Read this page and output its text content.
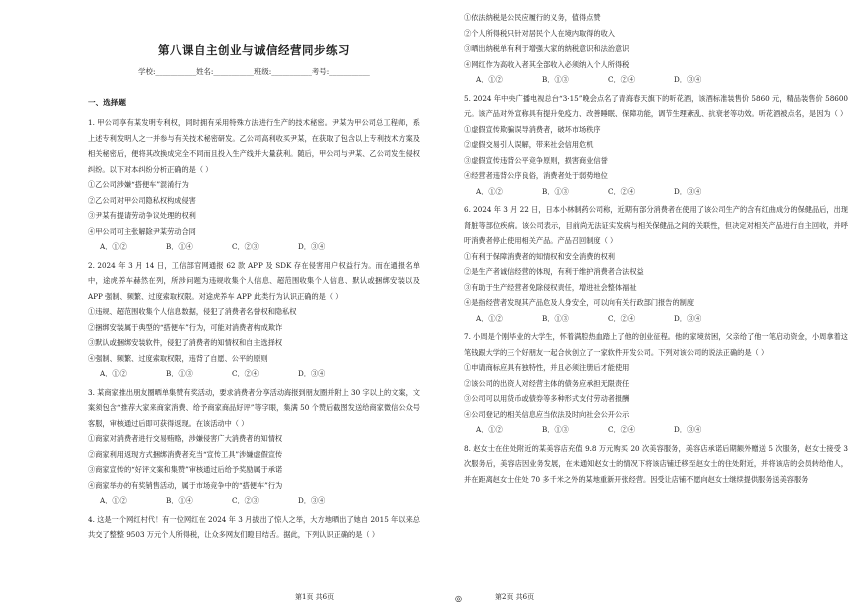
第八课自主创业与诚信经营同步练习
学校:___________姓名:___________班级:___________考号:___________
一、选择题

1. 甲公司享有某发明专利权，同时拥有采用特殊方法进行生产的技术秘密。尹某为甲公司总工程师，系上述专利发明人之一并参与有关技术秘密研发。乙公司高利收买尹某，在获取了包含以上专利技术方案及相关秘密后，便将其改换成完全不同而且投入生产线并大量获利。随后，甲公司与尹某、乙公司发生侵权纠纷。以下对本纠纷分析正确的是（ ）

①乙公司涉嫌“搭便车”混淆行为

②乙公司对甲公司隐私权构成侵害

③尹某有提请劳动争议处理的权利

④甲公司可主张解除尹某劳动合同

A．①②	B．①④	C．②③	D．③④

2. 2024 年 3 月 14 日，工信部官网通报 62 款 APP 及 SDK 存在侵害用户权益行为。而在通报名单中，途虎养车赫然在列，所涉问题为违规收集个人信息、超范围收集个人信息、默认或捆绑安装以及 APP 强制、频繁、过度索取权限。对途虎养车 APP 此类行为认识正确的是（ ）

①违规、超范围收集个人信息数据，侵犯了消费者名誉权和隐私权

②捆绑安装属于典型的“搭便车”行为，可能对消费者构成欺诈

③默认或捆绑安装软件，侵犯了消费者的知情权和自主选择权

④强制、频繁、过度索取权限，违背了自愿、公平的原则

A．①②	B．①③	C．②④	D．③④

3. 某商家推出朋友圈晒单集赞有奖活动，要求消费者分享活动海报到朋友圈并附上 30 字以上的文案，文案须包含“推荐大家来商家消费、给予商家商品好评”等字眼，集满 50 个赞后截图发送给商家微信公众号客服，审核通过后即可获得返现。在该活动中（ ）

①商家对消费者进行交易贿赂，涉嫌侵害广大消费者的知情权

②商家利用返现方式捆绑消费者充当“宣传工具”涉嫌虚假宣传

③商家宣传的“好评文案和集赞”审核通过后给予奖励属于承诺

④商家举办的有奖销售活动，属于市场竞争中的“搭便车”行为

A．①②	B．①④	C．②③	D．③④

4. 这是一个网红村代！有一位网红在 2024 年 3 月拔出了惊人之举，大方地晒出了她自 2015 年以来总共交了整整 9503 万元个人所得税，让众多网友们瞪目结舌。据此，下列认识正确的是（ ）

①依法纳税是公民应履行的义务，值得点赞

②个人所得税只针对居民个人在境内取得的收入

③晒出纳税单有利于增强大家的纳税意识和法治意识

④网红作为高收入者其全部收入必须纳入个人所得税

A．①②	B．①③	C．②④	D．③④

5. 2024 年中央广播电视总台“3·15”晚会点名了青海春天旗下的听花酒，该酒标准装售价 5860 元，精品装售价 58600 元。该产品对外宣称具有提升免疫力、改善睡眠、保障功能，调节生理紊乱、抗衰老等功效。听花酒被点名，是因为（ ）

①虚假宣传欺骗误导消费者，破坏市场秩序

②虚假交易引人误解，带来社会信用危机

③虚假宣传违背公平竞争原则，损害商业信誉

④经营者违背公序良俗，消费者处于弱势地位

A．①②	B．①③	C．②④	D．③④

6. 2024 年 3 月 22 日，日本小林制药公司称，近期有部分消费者在使用了该公司生产的含有红曲成分的保健品后，出现肾脏等部位疾病。该公司表示，目前尚无法证实发病与相关保健品之间的关联性，但决定对相关产品进行自主回收，并呼吁消费者停止使用相关产品。产品召回制度（ ）

①有利于保障消费者的知情权和安全消费的权利

②是生产者诚信经营的体现，有利于维护消费者合法权益

③有助于生产经营者免除侵权责任，增进社会整体福祉

④是指经营者发现其产品危及人身安全，可以向有关行政部门报告的制度

A．①②	B．①③	C．②④	D．③④

7. 小周是个刚毕业的大学生，怀着满腔热血踏上了他的创业征程。他的家境贫困，父亲给了他一笔启动资金，小周拿着这笔钱跟大学的三个好朋友一起合伙创立了一家软件开发公司。下列对该公司的说法正确的是（ ）

①申请商标应具有独特性，并且必须注册后才能使用

②该公司的出资人对经营主体的债务应承担无限责任

③公司可以用货币或债券等多种形式支付劳动者报酬

④公司登记的相关信息应当依法及时向社会公开公示

A．①②	B．①③	C．②④	D．③④

8. 赵女士在住处附近的某美容店充值 9.8 万元购买 20 次美容服务，美容店承诺后期额外赠送 5 次服务，赵女士接受 3 次服务后，美容店因业务发展，在未通知赵女士的情况下将该店铺迁移至赵女士的住处附近，并将该店的会员转给他人，并在距离赵女士住处 70 多千米之外的某地重新开张经营。因受让店铺不愿向赵女士继续提供服务送美容服务

第1页 共6页	◎	第2页 共6页
